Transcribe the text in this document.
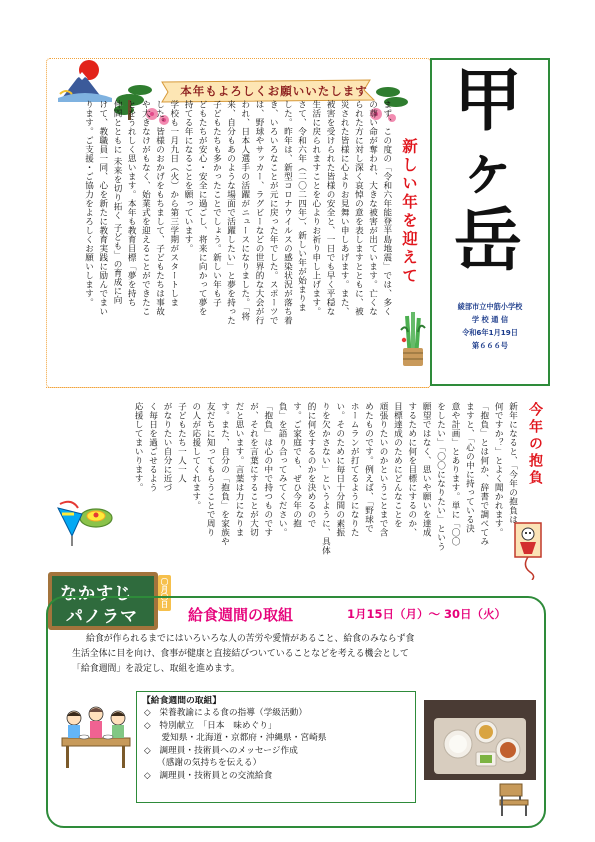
本年もよろしくお願いいたします
新しい年を迎えて
まず、この度の「令和六年能登半島地震」では、多く
の尊い命が奪われ、大きな被害が出ています。亡くな
られた方に対し深く哀悼の意を表しますとともに、被
災された皆様に心よりお見舞い申しあげます。また、
被害を受けられた皆様の安全と、一日でも早く平穏な
生活に戻られますことを心よりお祈り申し上げます。
さて、令和六年（二〇二四年）、新しい年が始まりま
した。昨年は、新型コロナウイルスの感染状況が落ち着
き、いろいろなことが元に戻った年でした。スポーツで
は、野球やサッカー、ラグビーなどの世界的な大会が行
われ、日本人選手の活躍がニュースになりました。「将
来、自分もあのような場面で活躍したい」と夢を持った
子どもたちも多かったことでしょう。新しい年も子
どもたちが安心・安全に過ごし、将来に向かって夢を
持てる年になることを願っています。
学校も一月九日（火）から第三学期がスタートしま
した。皆様のおかげをもちまして、子どもたちは事故
や大きなけがもなく、始業式を迎えることができたこ
とをうれしく思います。本年も教育目標「夢を持ち
仲間とともに 未来を切り拓く 子ども」の育成に向
けて、教職員一同、心を新たに教育実践に励んでまい
ります。ご支援・ご協力をよろしくお願いします。	甲
ヶ
岳
綾部市立中筋小学校
学 校 通 信
令和6年1月19日
第６６６号
今年の抱負
新年になると、「今年の抱負は
何ですか？」とよく聞かれます。
「抱負」とは何か、辞書で調べてみ
ますと、「心の中に持っている決
意や計画」とあります。単に「〇〇
をしたい」「〇〇になりたい」という
願望ではなく、思いや願いを達成
するために何を目標にするのか、
目標達成のためにどんなことを
頑張りたいのかということまで含
めたものです。例えば、「野球で
ホームランが打てるようになりた
い。そのために毎日十分間の素振
りを欠かさない」というように、具体
的に何をするのかを決めるので
す。ご家庭でも、ぜひ今年の抱
負」を語り合ってみてください。
「抱負」は心の中で持つものです
が、それを言葉にすることが大切
だと思います。言葉は力になりま
す。また、自分の「抱負」を家族や
友だちに知ってもらうことで周り
の人が応援してくれます。
子どもたち一人一人
がなりたい自分に近づ
く毎日を過ごせるよう
応援してまいります。
なかすじ
パノラマ
〇月〇日
給食週間の取組	1月15日（月）～ 30日（火）
給食が作られるまでにはいろいろな人の苦労や愛情があること、給食のみならず食
生活全体に目を向け、食事が健康と直接結びついていることなどを考える機会として
「給食週間」を設定し、取組を進めます。
【給食週間の取組】
◇　栄養教諭による食の指導（学級活動）
◇　特別献立　「日本　味めぐり」
　　愛知県・北海道・京都府・沖縄県・宮崎県
◇　調理員・技術員へのメッセージ作成
　　（感謝の気持ちを伝える）
◇　調理員・技術員との交流給食
